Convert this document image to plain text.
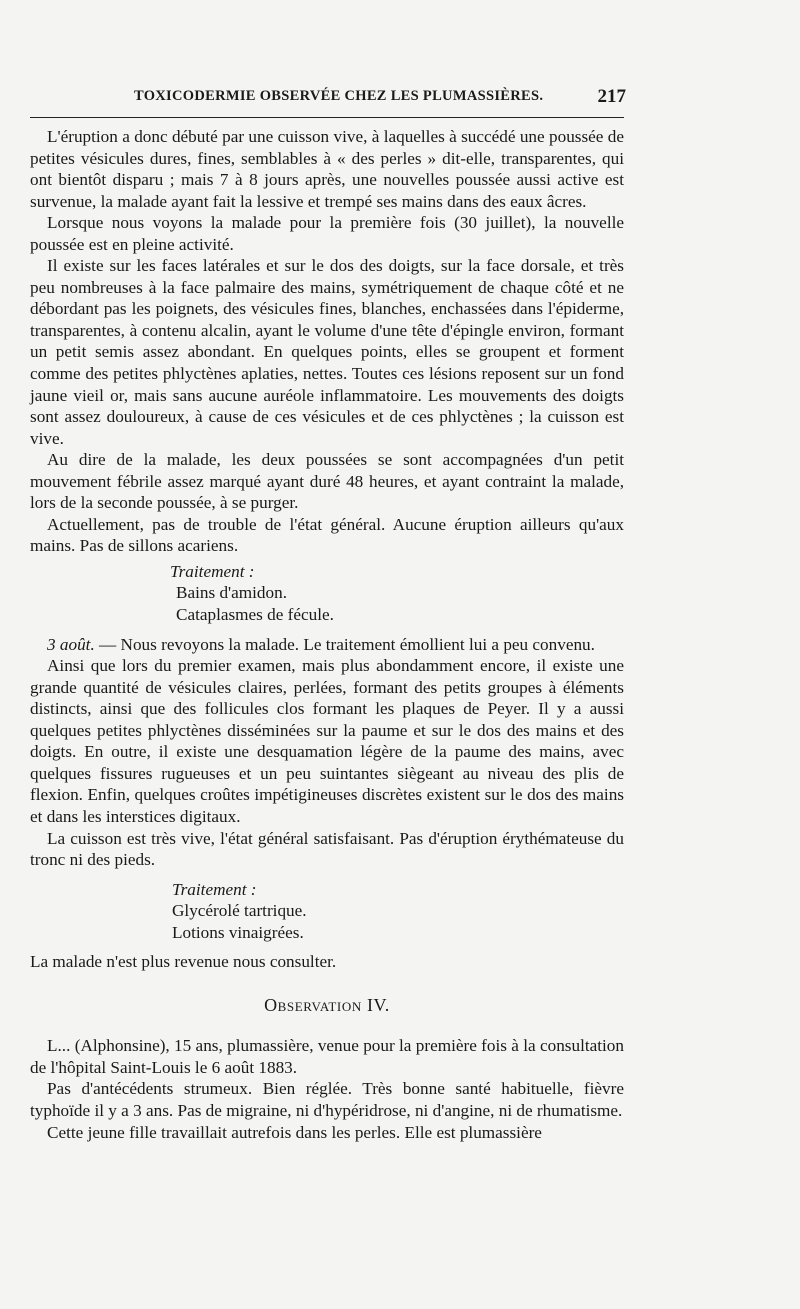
TOXICODERMIE OBSERVÉE CHEZ LES PLUMASSIÈRES.	217

L'éruption a donc débuté par une cuisson vive, à laquelles à succédé une poussée de petites vésicules dures, fines, semblables à « des perles » dit-elle, transparentes, qui ont bientôt disparu ; mais 7 à 8 jours après, une nouvelles poussée aussi active est survenue, la malade ayant fait la lessive et trempé ses mains dans des eaux âcres.

Lorsque nous voyons la malade pour la première fois (30 juillet), la nouvelle poussée est en pleine activité.

Il existe sur les faces latérales et sur le dos des doigts, sur la face dorsale, et très peu nombreuses à la face palmaire des mains, symétriquement de chaque côté et ne débordant pas les poignets, des vésicules fines, blanches, enchassées dans l'épiderme, transparentes, à contenu alcalin, ayant le volume d'une tête d'épingle environ, formant un petit semis assez abondant. En quelques points, elles se groupent et forment comme des petites phlyctènes aplaties, nettes. Toutes ces lésions reposent sur un fond jaune vieil or, mais sans aucune auréole inflammatoire. Les mouvements des doigts sont assez douloureux, à cause de ces vésicules et de ces phlyctènes ; la cuisson est vive.

Au dire de la malade, les deux poussées se sont accompagnées d'un petit mouvement fébrile assez marqué ayant duré 48 heures, et ayant contraint la malade, lors de la seconde poussée, à se purger.

Actuellement, pas de trouble de l'état général. Aucune éruption ailleurs qu'aux mains. Pas de sillons acariens.

Traitement :
Bains d'amidon.
Cataplasmes de fécule.

3 août. — Nous revoyons la malade. Le traitement émollient lui a peu convenu.

Ainsi que lors du premier examen, mais plus abondamment encore, il existe une grande quantité de vésicules claires, perlées, formant des petits groupes à éléments distincts, ainsi que des follicules clos formant les plaques de Peyer. Il y a aussi quelques petites phlyctènes disséminées sur la paume et sur le dos des mains et des doigts. En outre, il existe une desquamation légère de la paume des mains, avec quelques fissures rugueuses et un peu suintantes siègeant au niveau des plis de flexion. Enfin, quelques croûtes impétigineuses discrètes existent sur le dos des mains et dans les interstices digitaux.

La cuisson est très vive, l'état général satisfaisant. Pas d'éruption érythémateuse du tronc ni des pieds.

Traitement :
Glycérolé tartrique.
Lotions vinaigrées.

La malade n'est plus revenue nous consulter.

Observation IV.

L... (Alphonsine), 15 ans, plumassière, venue pour la première fois à la consultation de l'hôpital Saint-Louis le 6 août 1883.

Pas d'antécédents strumeux. Bien réglée. Très bonne santé habituelle, fièvre typhoïde il y a 3 ans. Pas de migraine, ni d'hypéridrose, ni d'angine, ni de rhumatisme.

Cette jeune fille travaillait autrefois dans les perles. Elle est plumassière
